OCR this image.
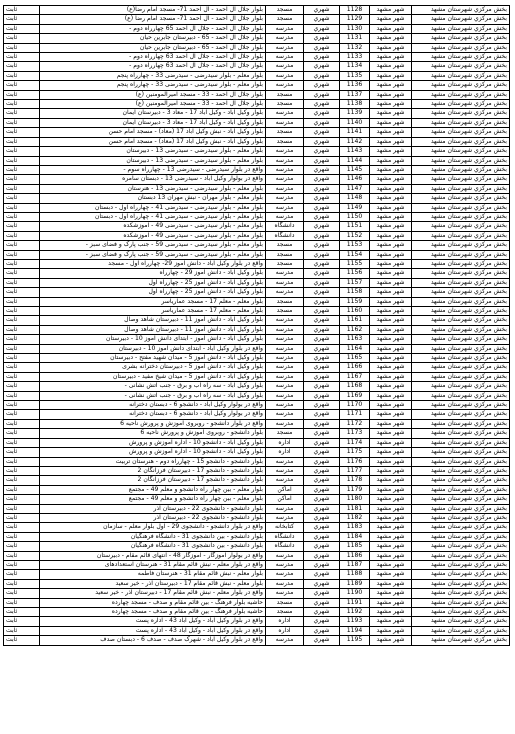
ثابت	بلوار جلال آل احمد - آل احمد 71- مسجد امام رضا(ع)	مسجد	شهري	1128	شهر مشهد	بخش مرکزي شهرستان مشهد
ثابت	بلوار جلال آل احمد - آل احمد 71- مسجد امام رضا (ع)	مسجد	شهري	1129	شهر مشهد	بخش مرکزي شهرستان مشهد
ثابت	بلوار جلال آل احمد - جلال آل احمد 65 چهارراه دوم -	مدرسه	شهري	1130	شهر مشهد	بخش مرکزي شهرستان مشهد
ثابت	بلوار جلال آل احمد - 65 - دبیرستان جابرین حیان	مدرسه	شهري	1131	شهر مشهد	بخش مرکزي شهرستان مشهد
ثابت	بلوار جلال آل احمد - 65 - دبیرستان جابرین حیان	مدرسه	شهري	1132	شهر مشهد	بخش مرکزي شهرستان مشهد
ثابت	بلوار جلال آل احمد - جلال آل احمد 63 چهارراه دوم -	مدرسه	شهري	1133	شهر مشهد	بخش مرکزي شهرستان مشهد
ثابت	بلوار جلال آل احمد - جلال آل احمد 63 چهارراه دوم -	مدرسه	شهري	1134	شهر مشهد	بخش مرکزي شهرستان مشهد
ثابت	بلوار معلم - بلوار سیدرضی - سیدرضی 33 - چهارراه پنجم	مدرسه	شهري	1135	شهر مشهد	بخش مرکزي شهرستان مشهد
ثابت	بلوار معلم - بلوار سیدرضی - سیدرضی 33 - چهارراه پنجم	مدرسه	شهري	1136	شهر مشهد	بخش مرکزي شهرستان مشهد
ثابت	بلوار جلال آل احمد - 33 - مسجد امیرالمومنین (ع)	مسجد	شهري	1137	شهر مشهد	بخش مرکزي شهرستان مشهد
ثابت	بلوار جلال آل احمد - 33 - مسجد امیرالمومنین (ع)	مسجد	شهري	1138	شهر مشهد	بخش مرکزي شهرستان مشهد
ثابت	بلوار وکیل آباد - وکیل آباد 17 - معاد 3 - دبیرستان ایمان	مدرسه	شهري	1139	شهر مشهد	بخش مرکزي شهرستان مشهد
ثابت	بلوار وکیل آباد - وکیل آباد 17 - معاد 3 - دبیرستان ایمان	مدرسه	شهري	1140	شهر مشهد	بخش مرکزي شهرستان مشهد
ثابت	بلوار وکیل آباد - نبش وکیل آباد 17 (معاد) - مسجد امام حسن	مسجد	شهري	1141	شهر مشهد	بخش مرکزي شهرستان مشهد
ثابت	بلوار وکیل آباد - نبش وکیل آباد 17 (معاد) - مسجد امام حسن	مسجد	شهري	1142	شهر مشهد	بخش مرکزي شهرستان مشهد
ثابت	بلوار معلم - بلوار سیدرضی - سیدرضی 13 - دبیرستان	مدرسه	شهري	1143	شهر مشهد	بخش مرکزي شهرستان مشهد
ثابت	بلوار معلم - بلوار سیدرضی - سیدرضی 13 - دبیرستان	مدرسه	شهري	1144	شهر مشهد	بخش مرکزي شهرستان مشهد
ثابت	واقع در بلوار سیدرضی - سیدرضی 13 - چهارراه سوم -	مدرسه	شهري	1145	شهر مشهد	بخش مرکزي شهرستان مشهد
ثابت	واقع در بولوار وکیل آباد - سیدرضی 13 - دبستان سامره	مدرسه	شهري	1146	شهر مشهد	بخش مرکزي شهرستان مشهد
ثابت	بلوار معلم - بلوار سیدرضی - سیدرضی 13 - هنرستان	مدرسه	شهري	1147	شهر مشهد	بخش مرکزي شهرستان مشهد
ثابت	بلوار معلم - بلوار مهران - نبش مهران 13 دبستان	مدرسه	شهري	1148	شهر مشهد	بخش مرکزي شهرستان مشهد
ثابت	بلوار معلم - بلوار سیدرضی - سیدرضی 41 - چهارراه اول - دبستان	مدرسه	شهري	1149	شهر مشهد	بخش مرکزي شهرستان مشهد
ثابت	بلوار معلم - بلوار سیدرضی - سیدرضی 41 - چهارراه اول - دبستان	مدرسه	شهري	1150	شهر مشهد	بخش مرکزي شهرستان مشهد
ثابت	بلوار معلم - بلوار سیدرضی - سیدرضی 49 - آموزشکده	دانشگاه	شهري	1151	شهر مشهد	بخش مرکزي شهرستان مشهد
ثابت	بلوار معلم - بلوار سیدرضی - سیدرضی 49 - آموزشکده	دانشگاه	شهري	1152	شهر مشهد	بخش مرکزي شهرستان مشهد
ثابت	بلوار معلم - بلوار سیدرضی - سیدرضی 59 - جنب پارک و فضای سبز -	مسجد	شهري	1153	شهر مشهد	بخش مرکزي شهرستان مشهد
ثابت	بلوار معلم - بلوار سیدرضی - سیدرضی 59 - جنب پارک و فضای سبز -	مسجد	شهري	1154	شهر مشهد	بخش مرکزي شهرستان مشهد
ثابت	واقع در بلوار وکیل آباد - دانش آموز 29- چهارراه اول - مسجد	مسجد	شهري	1155	شهر مشهد	بخش مرکزي شهرستان مشهد
ثابت	بلوار وکیل آباد - دانش آموز 29 - چهارراه	مدرسه	شهري	1156	شهر مشهد	بخش مرکزي شهرستان مشهد
ثابت	بلوار وکیل آباد - دانش آموز 25 - چهارراه اول	مدرسه	شهري	1157	شهر مشهد	بخش مرکزي شهرستان مشهد
ثابت	بلوار وکیل آباد - دانش آموز 25 - چهارراه اول	مدرسه	شهري	1158	شهر مشهد	بخش مرکزي شهرستان مشهد
ثابت	بلوار معلم - معلم 17 - مسجد عماریاسر	مسجد	شهري	1159	شهر مشهد	بخش مرکزي شهرستان مشهد
ثابت	بلوار معلم - معلم 17 - مسجد عماریاسر	مسجد	شهري	1160	شهر مشهد	بخش مرکزي شهرستان مشهد
ثابت	بلوار وکیل آباد - دانش آموز 11 - دبیرستان شاهد وصال	مدرسه	شهري	1161	شهر مشهد	بخش مرکزي شهرستان مشهد
ثابت	بلوار وکیل آباد - دانش آموز 11 - دبیرستان شاهد وصال	مدرسه	شهري	1162	شهر مشهد	بخش مرکزي شهرستان مشهد
ثابت	بلوار وکیل آباد - دانش آموز - ابتدای دانش آموز 10 - دبیرستان	مدرسه	شهري	1163	شهر مشهد	بخش مرکزي شهرستان مشهد
ثابت	واقع در بلوار وکیل آباد - ابتدای دانش آموز 10 - دبیرستان	مدرسه	شهري	1164	شهر مشهد	بخش مرکزي شهرستان مشهد
ثابت	بلوار وکیل آباد - دانش آموز 5 - میدان شهید مفتح - دبیرستان	مدرسه	شهري	1165	شهر مشهد	بخش مرکزي شهرستان مشهد
ثابت	بلوار وکیل آباد - دانش آموز 5 - دبیرستان دخترانه بشری	مدرسه	شهري	1166	شهر مشهد	بخش مرکزي شهرستان مشهد
ثابت	بلوار وکیل آباد - دانش آموز 5 - میدان شیخ مفید - دبیرستان	مدرسه	شهري	1167	شهر مشهد	بخش مرکزي شهرستان مشهد
ثابت	بلوار وکیل آباد - سه راه آب و برق - جنب آتش نشانی -	مدرسه	شهري	1168	شهر مشهد	بخش مرکزي شهرستان مشهد
ثابت	بلوار وکیل آباد - سه راه آب و برق - جنب آتش نشانی -	مدرسه	شهري	1169	شهر مشهد	بخش مرکزي شهرستان مشهد
ثابت	واقع در بولوار وکیل آباد - دانشجو 6 - دبستان دخترانه	مدرسه	شهري	1170	شهر مشهد	بخش مرکزي شهرستان مشهد
ثابت	واقع در بولوار وکیل آباد - دانشجو 6 - دبستان دخترانه	مدرسه	شهري	1171	شهر مشهد	بخش مرکزي شهرستان مشهد
ثابت	واقع در بلوار دانشجو - روبروی آموزش و پرورش ناحیه 6	مدرسه	شهري	1172	شهر مشهد	بخش مرکزي شهرستان مشهد
ثابت	بلوار دانشجو - روبروی آموزش و پرورش ناحیه 6	مسجد	شهري	1173	شهر مشهد	بخش مرکزي شهرستان مشهد
ثابت	بلوار وکیل آباد - دانشجو 10 - اداره آموزش و پرورش	اداره	شهري	1174	شهر مشهد	بخش مرکزي شهرستان مشهد
ثابت	بلوار وکیل آباد - دانشجو 10 - اداره آموزش و پرورش	اداره	شهري	1175	شهر مشهد	بخش مرکزي شهرستان مشهد
ثابت	بلوار دانشجو - دانشجو 15 - چهارراه دوم - هنرستان تربیت	مدرسه	شهري	1176	شهر مشهد	بخش مرکزي شهرستان مشهد
ثابت	بلوار دانشجو - دانشجو 17 - دبیرستان فرزانگان 2	مدرسه	شهري	1177	شهر مشهد	بخش مرکزي شهرستان مشهد
ثابت	بلوار دانشجو - دانشجو 17 - دبیرستان فرزانگان 2	مدرسه	شهري	1178	شهر مشهد	بخش مرکزي شهرستان مشهد
ثابت	بلوار معلم - بین چهار راه دانشجو و معلم 49 - مجتمع	اماکن	شهري	1179	شهر مشهد	بخش مرکزي شهرستان مشهد
ثابت	بلوار معلم - بین چهار راه دانشجو و معلم 49 - مجتمع	اماکن	شهري	1180	شهر مشهد	بخش مرکزي شهرستان مشهد
ثابت	بلوار دانشجو - دانشجوی 22 - دبیرستان آذر	مدرسه	شهري	1181	شهر مشهد	بخش مرکزي شهرستان مشهد
ثابت	بلوار دانشجو - دانشجوی 22 - دبیرستان آذر	مدرسه	شهري	1182	شهر مشهد	بخش مرکزي شهرستان مشهد
ثابت	واقع در بلوار دانشجو - دانشجوی 29 - اول بلوار معلم - سازمان	کتابخانه	شهري	1183	شهر مشهد	بخش مرکزي شهرستان مشهد
ثابت	بلوار دانشجو - بین دانشجوی 31 - دانشگاه فرهنگیان	دانشگاه	شهري	1184	شهر مشهد	بخش مرکزي شهرستان مشهد
ثابت	بلوار دانشجو - بین دانشجوی 31 - دانشگاه فرهنگیان	دانشگاه	شهري	1185	شهر مشهد	بخش مرکزي شهرستان مشهد
ثابت	واقع در بولوار آموزگار - آموزگار 48 - انتهای قائم مقام - دبیرستان	مدرسه	شهري	1186	شهر مشهد	بخش مرکزي شهرستان مشهد
ثابت	واقع در بلوار معلم - نبش قائم مقام 31 - هنرستان استعدادهای	مدرسه	شهري	1187	شهر مشهد	بخش مرکزي شهرستان مشهد
ثابت	بلوار معلم - نبش قائم مقام 31 - هنرستان فاطمه	مدرسه	شهري	1188	شهر مشهد	بخش مرکزي شهرستان مشهد
ثابت	بلوار معلم - نبش قائم مقام 17 - دبیرستان آذر - خیر سعید	مدرسه	شهري	1189	شهر مشهد	بخش مرکزي شهرستان مشهد
ثابت	واقع در بلوار معلم - نبش قائم مقام 17 - دبیرستان آذر - خیر سعید	مدرسه	شهري	1190	شهر مشهد	بخش مرکزي شهرستان مشهد
ثابت	حاشیه بلوار فرهنگ - بین قائم مقام و صدف - مسجد چهارده	مسجد	شهري	1191	شهر مشهد	بخش مرکزي شهرستان مشهد
ثابت	حاشیه بلوار فرهنگ - بین قائم مقام و صدف - مسجد چهارده	مسجد	شهري	1192	شهر مشهد	بخش مرکزي شهرستان مشهد
ثابت	واقع در بلوار وکیل آباد - وکیل آباد 43 - اداره پست	اداره	شهري	1193	شهر مشهد	بخش مرکزي شهرستان مشهد
ثابت	واقع در بلوار وکیل آباد - وکیل آباد 43 - اداره پست	اداره	شهري	1194	شهر مشهد	بخش مرکزي شهرستان مشهد
ثابت	واقع در بلوار وکیل آباد - شهرک صدف - صدف 6 - دبستان صدف	مدرسه	شهري	1195	شهر مشهد	بخش مرکزي شهرستان مشهد
